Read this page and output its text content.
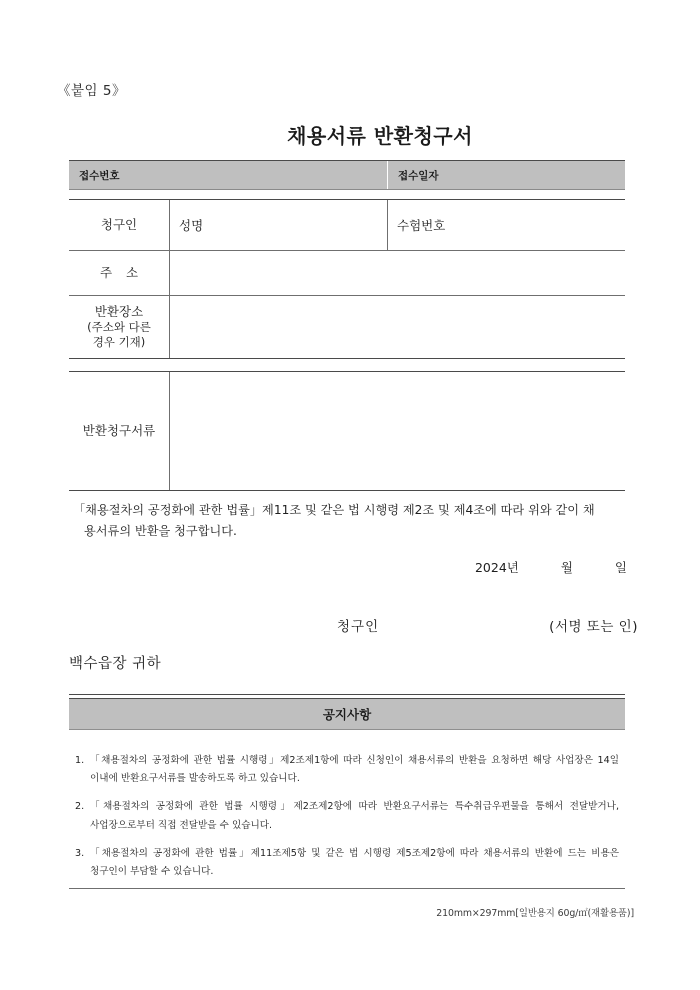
《붙임 5》
채용서류 반환청구서
접수번호	접수일자
청구인	성명	수험번호
주 소
반환장소
(주소와 다른
경우 기재)
반환청구서류
「채용절차의 공정화에 관한 법률」제11조 및 같은 법 시행령 제2조 및 제4조에 따라 위와 같이 채
용서류의 반환을 청구합니다.
2024년	월	일
청구인	(서명 또는 인)
백수읍장 귀하
공지사항
1. 「채용절차의 공정화에 관한 법률 시행령」제2조제1항에 따라 신청인이 채용서류의 반환을 요청하면 해당 사업장은 14일 이내에 반환요구서류를 발송하도록 하고 있습니다.
2. 「채용절차의 공정화에 관한 법률 시행령」제2조제2항에 따라 반환요구서류는 특수취급우편물을 통해서 전달받거나, 사업장으로부터 직접 전달받을 수 있습니다.
3. 「채용절차의 공정화에 관한 법률」제11조제5항 및 같은 법 시행령 제5조제2항에 따라 채용서류의 반환에 드는 비용은 청구인이 부담할 수 있습니다.
210mm×297mm[일반용지 60g/㎡(재활용품)]
